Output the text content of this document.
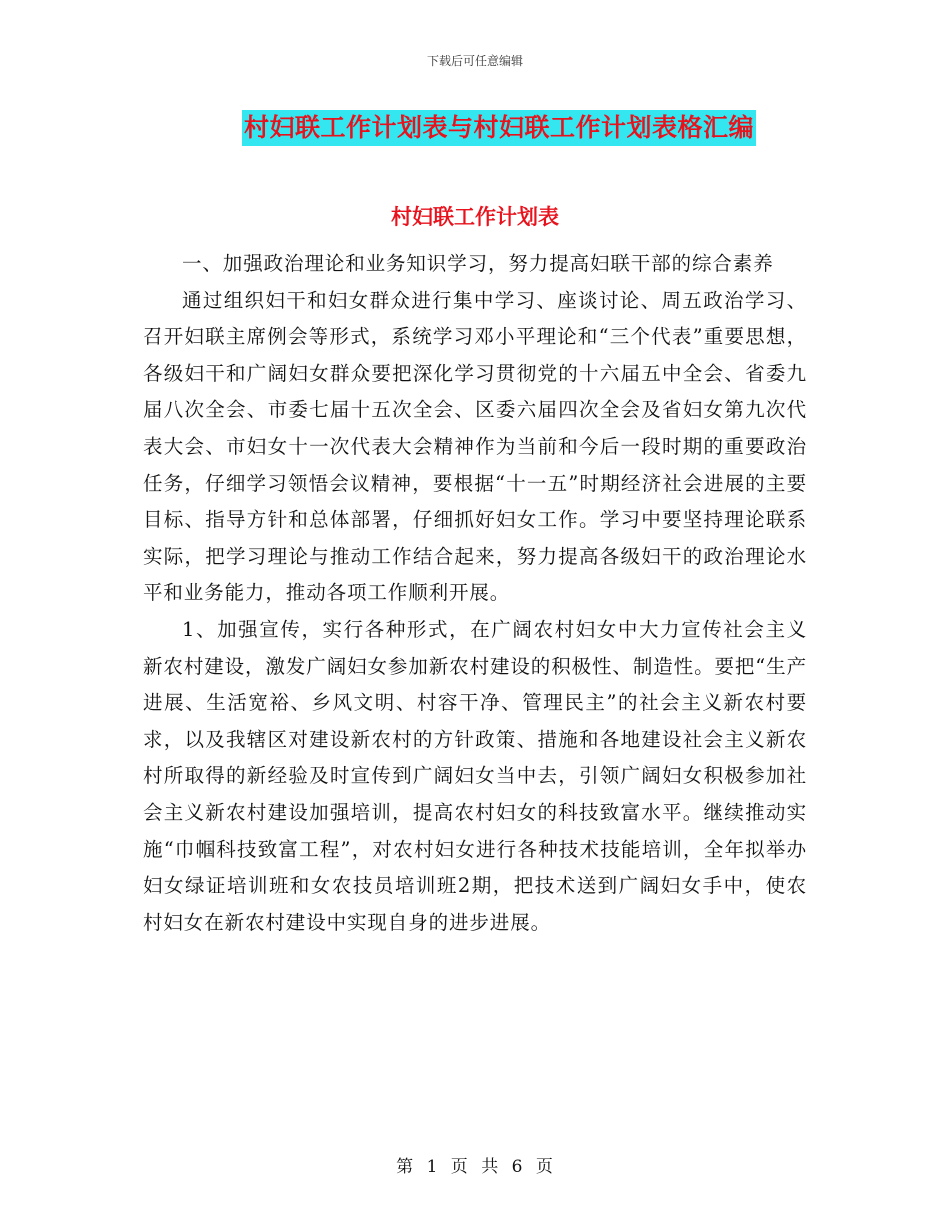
下载后可任意编辑
村妇联工作计划表与村妇联工作计划表格汇编
村妇联工作计划表

一、加强政治理论和业务知识学习，努力提高妇联干部的综合素养

通过组织妇干和妇女群众进行集中学习、座谈讨论、周五政治学习、召开妇联主席例会等形式，系统学习邓小平理论和“三个代表”重要思想，各级妇干和广阔妇女群众要把深化学习贯彻党的十六届五中全会、省委九届八次全会、市委七届十五次全会、区委六届四次全会及省妇女第九次代表大会、市妇女十一次代表大会精神作为当前和今后一段时期的重要政治任务，仔细学习领悟会议精神，要根据“十一五”时期经济社会进展的主要目标、指导方针和总体部署，仔细抓好妇女工作。学习中要坚持理论联系实际，把学习理论与推动工作结合起来，努力提高各级妇干的政治理论水平和业务能力，推动各项工作顺利开展。

1、加强宣传，实行各种形式，在广阔农村妇女中大力宣传社会主义新农村建设，激发广阔妇女参加新农村建设的积极性、制造性。要把“生产进展、生活宽裕、乡风文明、村容干净、管理民主”的社会主义新农村要求，以及我辖区对建设新农村的方针政策、措施和各地建设社会主义新农村所取得的新经验及时宣传到广阔妇女当中去，引领广阔妇女积极参加社会主义新农村建设加强培训，提高农村妇女的科技致富水平。继续推动实施“巾帼科技致富工程”，对农村妇女进行各种技术技能培训，全年拟举办妇女绿证培训班和女农技员培训班2期，把技术送到广阔妇女手中，使农村妇女在新农村建设中实现自身的进步进展。

第 1 页 共 6 页
